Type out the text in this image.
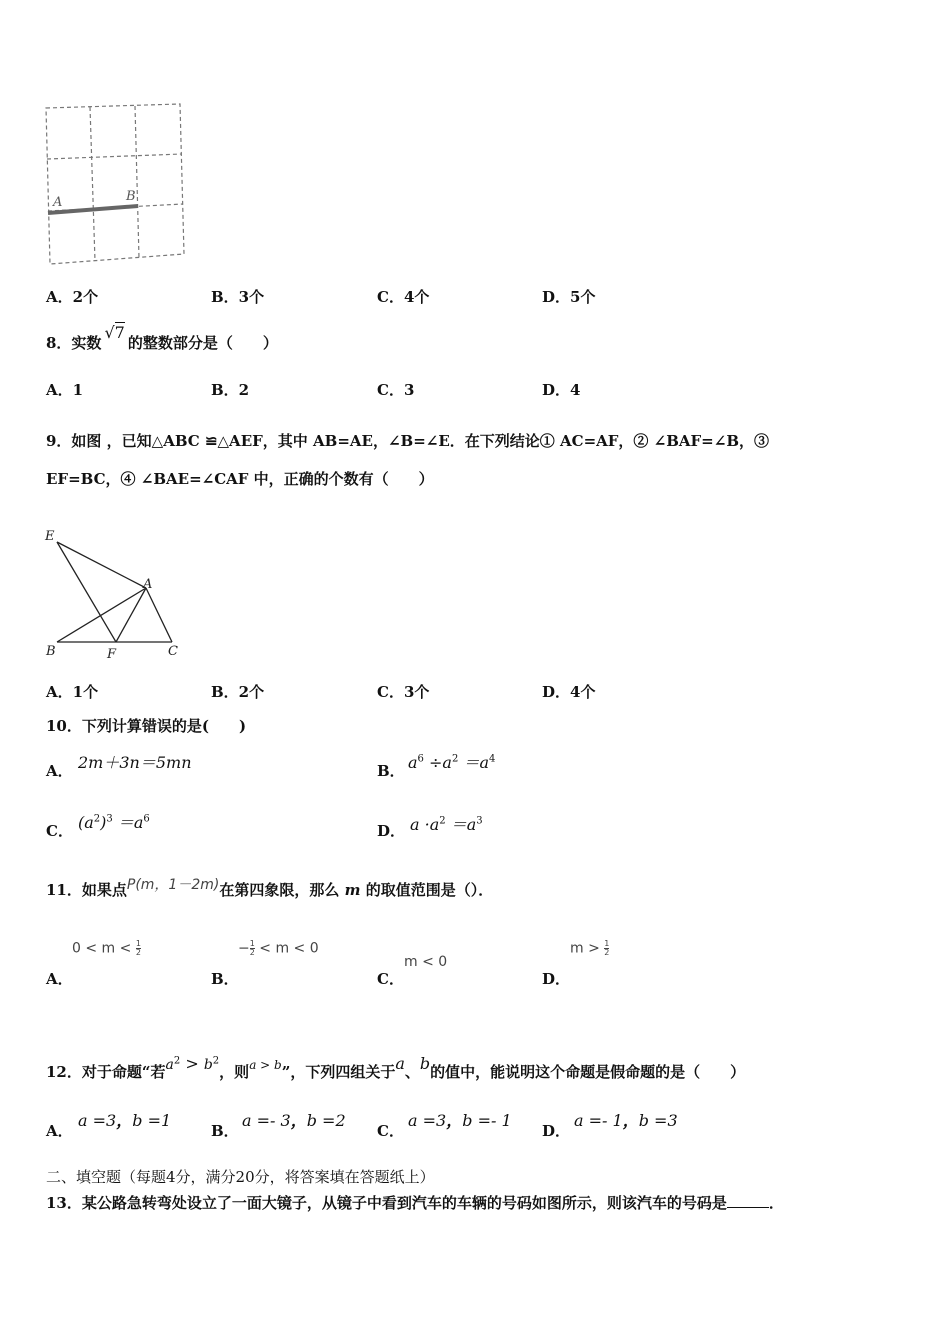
A	B
A．2个	B．3个	C．4个	D．5个
8．实数√7的整数部分是（　　）
A．1	B．2	C．3	D．4
9．如图 ，已知△ABC ≌△AEF，其中 AB=AE，∠B=∠E．在下列结论① AC=AF，② ∠BAF=∠B，③
EF=BC，④ ∠BAE=∠CAF 中，正确的个数有（　　）
E
A
B	F	C
A．1个	B．2个	C．3个	D．4个
10．下列计算错误的是(　　)
A． 2m＋3n＝5mn	B． $a^6 \div a^2 =a^4$
C． $(a^2)^3 =a^6$
D． $a \cdot a^2 =a^3$
11．如果点P(m，1－2m)在第四象限，那么 m 的取值范围是（）．
A．
$0 < m < \frac{1}{2}$
B．
− $\frac{1}{2} < m < 0$
C．
m < 0
D．
$m > \frac{1}{2}$
12．对于命题“若$a^2 > b^2$，则$^{a > b}$”，下列四组关于a、b的值中，能说明这个命题是假命题的是（　　）
A．
a =3，b =1
B．
a =- 3，b =2
C．
a =3，b =- 1
D．
a =- 1，b =3
二、填空题（每题4分，满分20分，将答案填在答题纸上）
13．某公路急转弯处设立了一面大镜子，从镜子中看到汽车的车辆的号码如图所示，则该汽车的号码是	．
